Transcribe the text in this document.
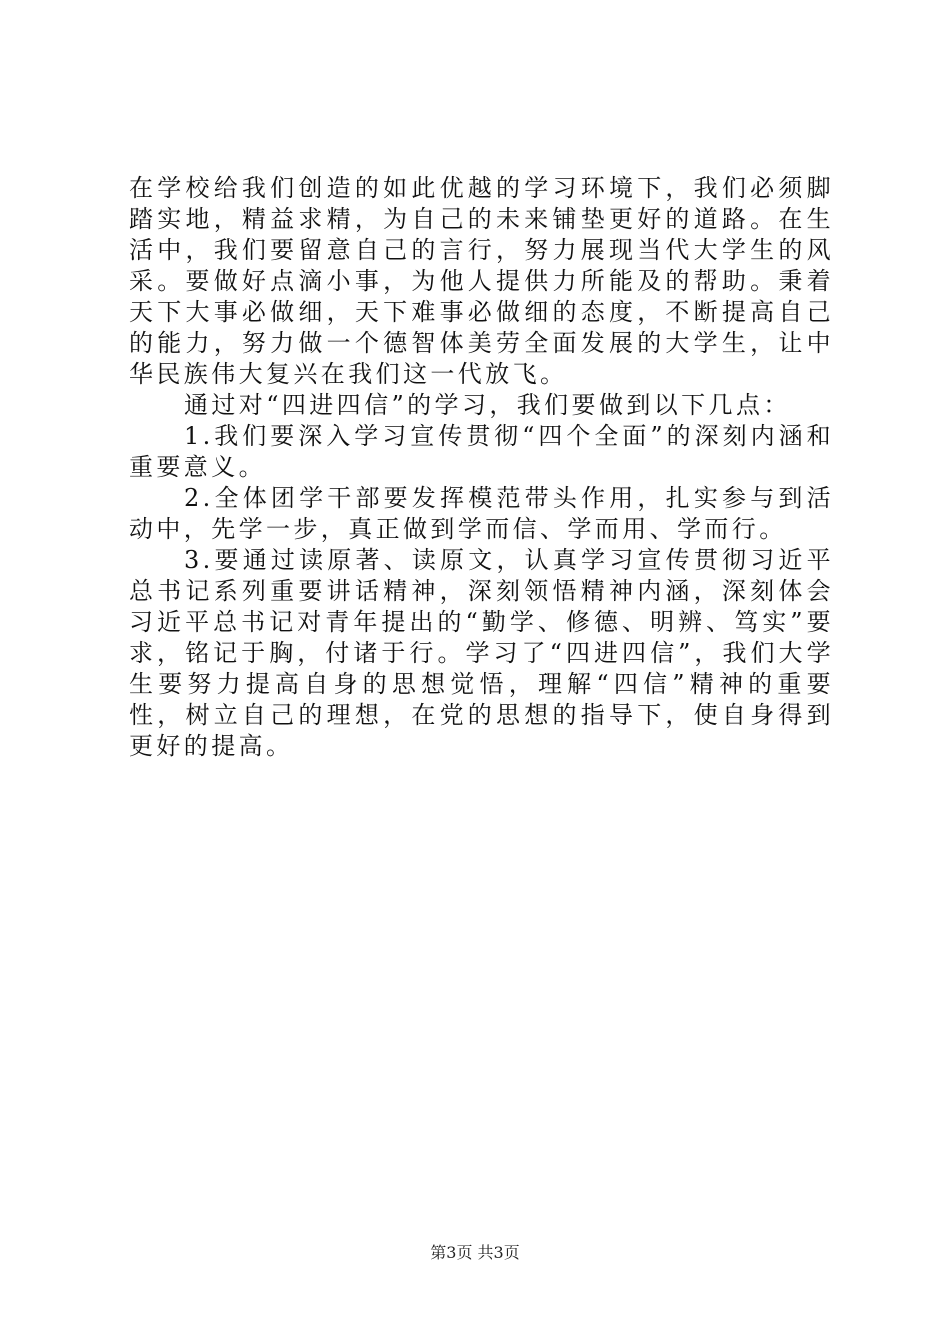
在学校给我们创造的如此优越的学习环境下，我们必须脚踏实地，精益求精，为自己的未来铺垫更好的道路。在生活中，我们要留意自己的言行，努力展现当代大学生的风采。要做好点滴小事，为他人提供力所能及的帮助。秉着天下大事必做细，天下难事必做细的态度，不断提高自己的能力，努力做一个德智体美劳全面发展的大学生，让中华民族伟大复兴在我们这一代放飞。

通过对“四进四信”的学习，我们要做到以下几点：

1.我们要深入学习宣传贯彻“四个全面”的深刻内涵和重要意义。

2.全体团学干部要发挥模范带头作用，扎实参与到活动中，先学一步，真正做到学而信、学而用、学而行。

3.要通过读原著、读原文，认真学习宣传贯彻习近平总书记系列重要讲话精神，深刻领悟精神内涵，深刻体会习近平总书记对青年提出的“勤学、修德、明辨、笃实”要求，铭记于胸，付诸于行。学习了“四进四信”，我们大学生要努力提高自身的思想觉悟，理解“四信”精神的重要性，树立自己的理想，在党的思想的指导下，使自身得到更好的提高。

第3页 共3页
